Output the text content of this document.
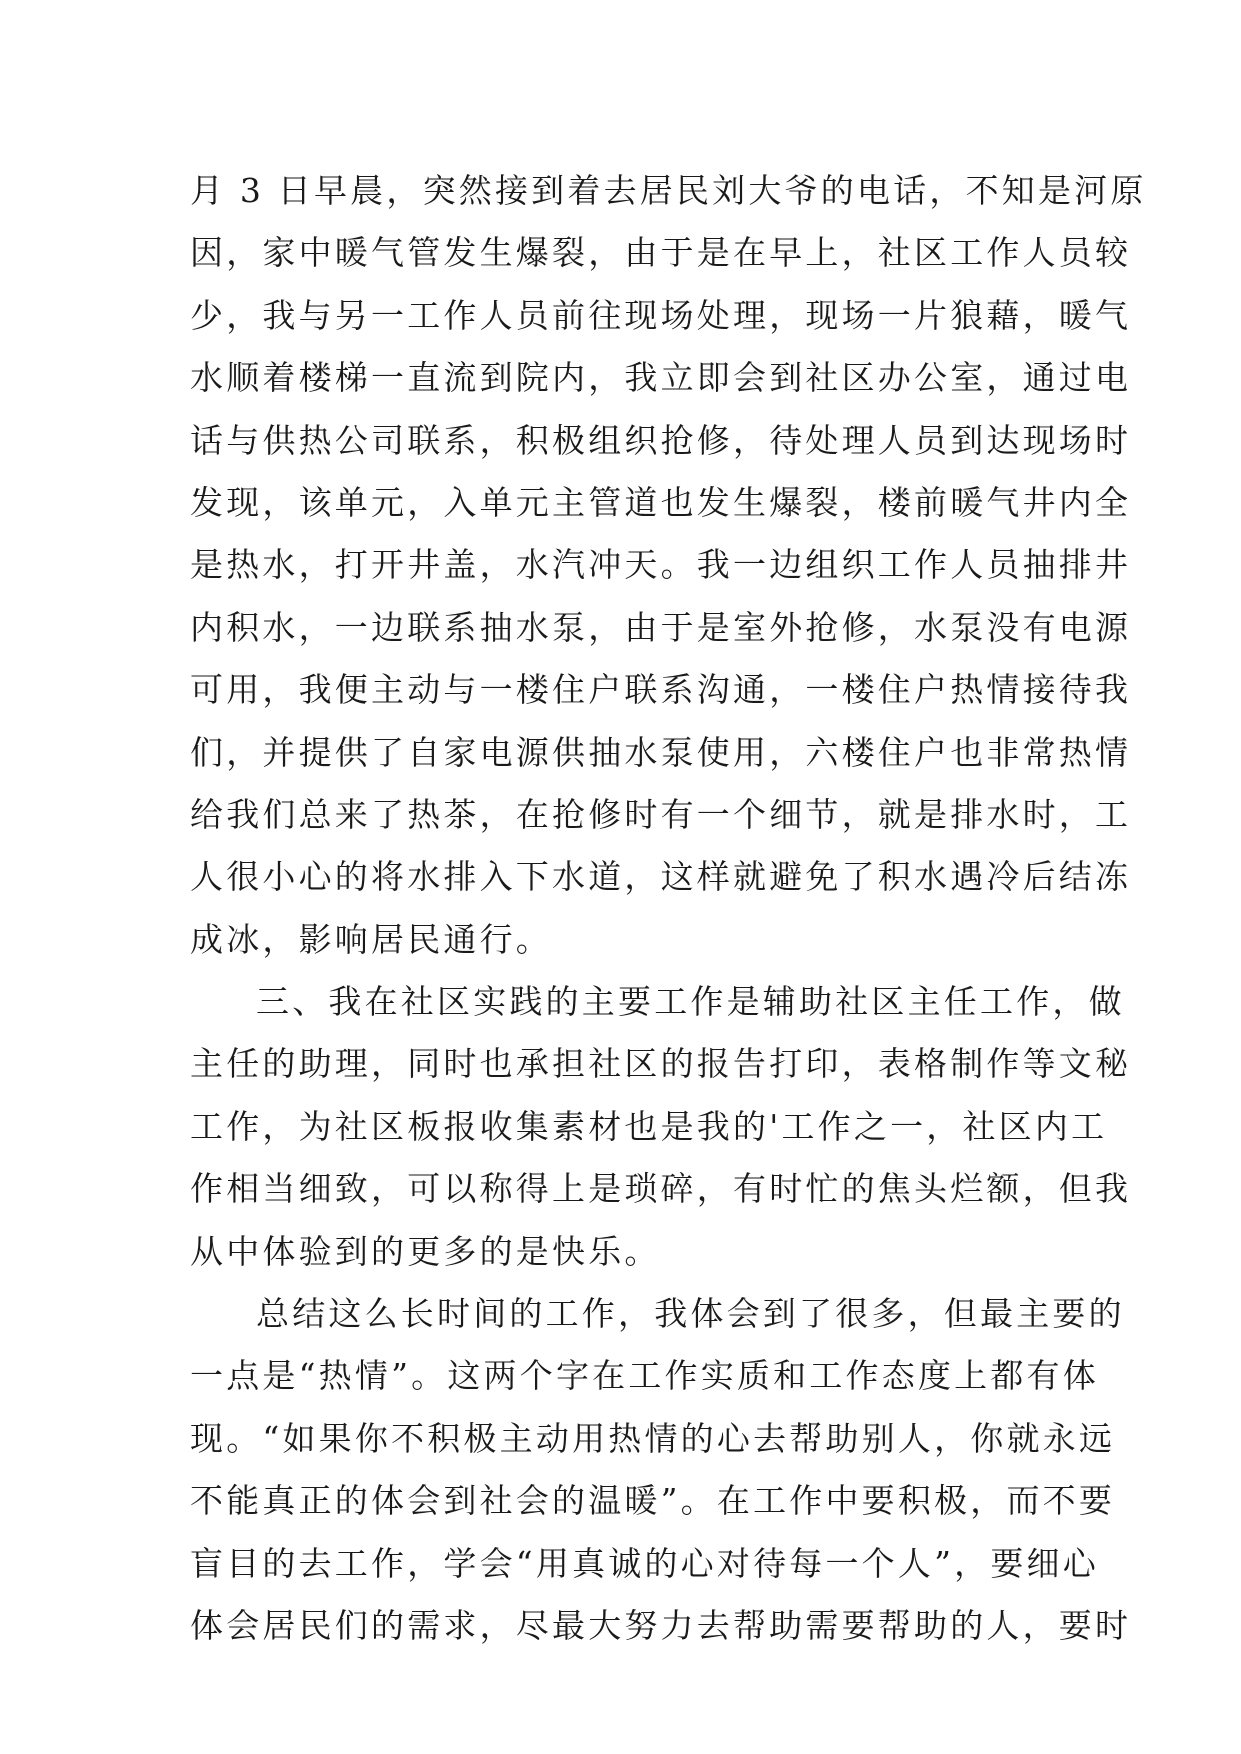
月 3 日早晨，突然接到着去居民刘大爷的电话，不知是河原
因，家中暖气管发生爆裂，由于是在早上，社区工作人员较
少，我与另一工作人员前往现场处理，现场一片狼藉，暖气
水顺着楼梯一直流到院内，我立即会到社区办公室，通过电
话与供热公司联系，积极组织抢修，待处理人员到达现场时
发现，该单元，入单元主管道也发生爆裂，楼前暖气井内全
是热水，打开井盖，水汽冲天。我一边组织工作人员抽排井
内积水，一边联系抽水泵，由于是室外抢修，水泵没有电源
可用，我便主动与一楼住户联系沟通，一楼住户热情接待我
们，并提供了自家电源供抽水泵使用，六楼住户也非常热情
给我们总来了热茶，在抢修时有一个细节，就是排水时，工
人很小心的将水排入下水道，这样就避免了积水遇冷后结冻
成冰，影响居民通行。
三、我在社区实践的主要工作是辅助社区主任工作，做
主任的助理，同时也承担社区的报告打印，表格制作等文秘
工作，为社区板报收集素材也是我的'工作之一，社区内工
作相当细致，可以称得上是琐碎，有时忙的焦头烂额，但我
从中体验到的更多的是快乐。
总结这么长时间的工作，我体会到了很多，但最主要的
一点是“热情”。这两个字在工作实质和工作态度上都有体
现。“如果你不积极主动用热情的心去帮助别人，你就永远
不能真正的体会到社会的温暖”。在工作中要积极，而不要
盲目的去工作，学会“用真诚的心对待每一个人”，要细心
体会居民们的需求，尽最大努力去帮助需要帮助的人，要时
